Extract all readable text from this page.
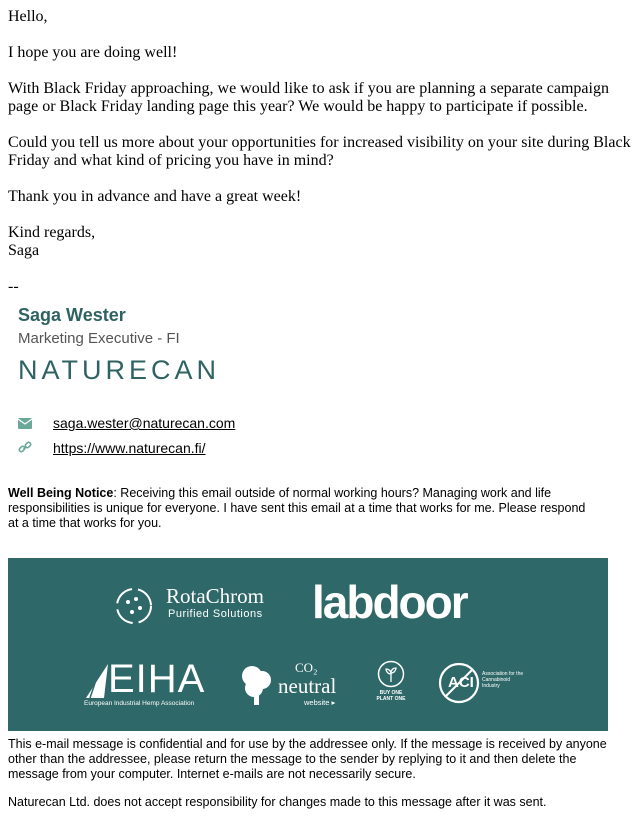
Hello,

I hope you are doing well!

With Black Friday approaching, we would like to ask if you are planning a separate campaign page or Black Friday landing page this year? We would be happy to participate if possible.

Could you tell us more about your opportunities for increased visibility on your site during Black Friday and what kind of pricing you have in mind?

Thank you in advance and have a great week!

Kind regards,

Saga

--

Saga Wester
Marketing Executive - FI
NATURECAN
saga.wester@naturecan.com
https://www.naturecan.fi/
Well Being Notice: Receiving this email outside of normal working hours? Managing work and life responsibilities is unique for everyone. I have sent this email at a time that works for me. Please respond at a time that works for you.
RotaChrom
Purified Solutions labdoor
EIHA
European Industrial Hemp Association
CO₂
neutral
website ▸
BUY ONE
PLANT ONE
ACI Association for the Cannabinoid Industry

This e-mail message is confidential and for use by the addressee only. If the message is received by anyone other than the addressee, please return the message to the sender by replying to it and then delete the message from your computer. Internet e-mails are not necessarily secure.

Naturecan Ltd. does not accept responsibility for changes made to this message after it was sent.
